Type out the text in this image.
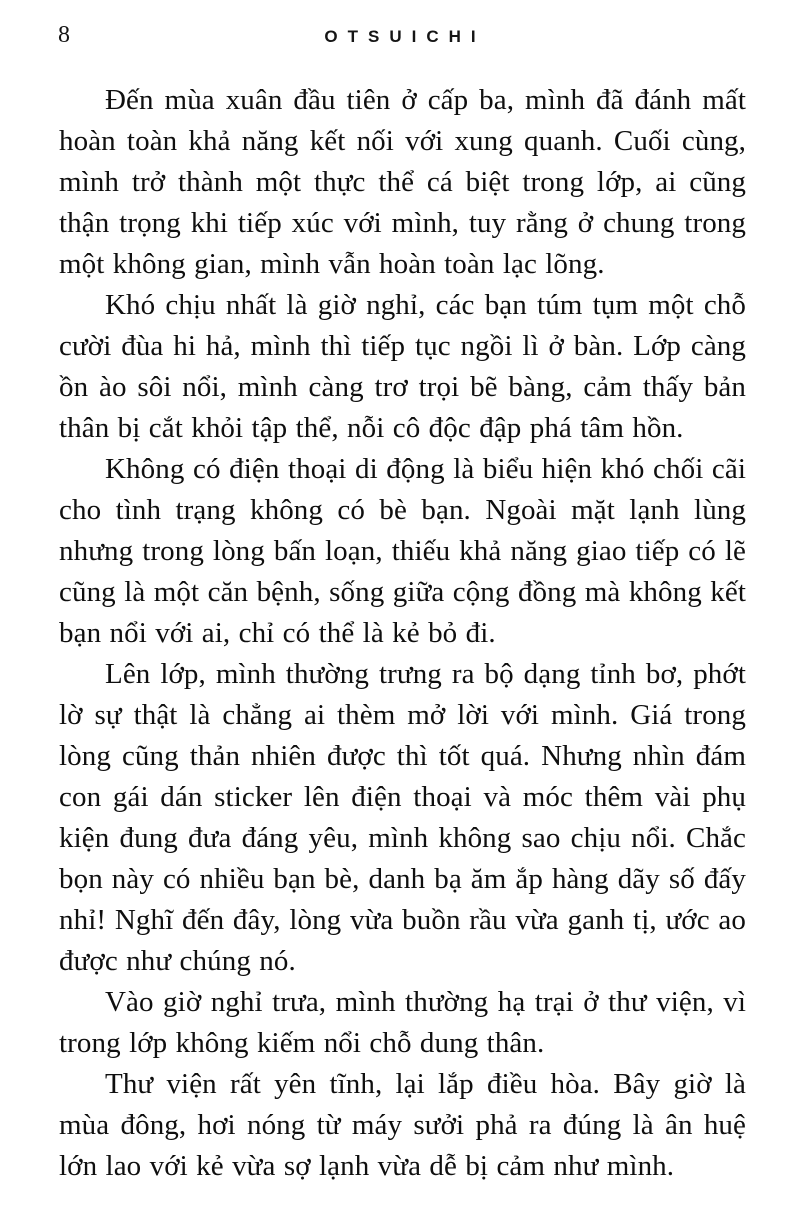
8	OTSUICHI

Đến mùa xuân đầu tiên ở cấp ba, mình đã đánh mất hoàn toàn khả năng kết nối với xung quanh. Cuối cùng, mình trở thành một thực thể cá biệt trong lớp, ai cũng thận trọng khi tiếp xúc với mình, tuy rằng ở chung trong một không gian, mình vẫn hoàn toàn lạc lõng.

Khó chịu nhất là giờ nghỉ, các bạn túm tụm một chỗ cười đùa hi hả, mình thì tiếp tục ngồi lì ở bàn. Lớp càng ồn ào sôi nổi, mình càng trơ trọi bẽ bàng, cảm thấy bản thân bị cắt khỏi tập thể, nỗi cô độc đập phá tâm hồn.

Không có điện thoại di động là biểu hiện khó chối cãi cho tình trạng không có bè bạn. Ngoài mặt lạnh lùng nhưng trong lòng bấn loạn, thiếu khả năng giao tiếp có lẽ cũng là một căn bệnh, sống giữa cộng đồng mà không kết bạn nổi với ai, chỉ có thể là kẻ bỏ đi.

Lên lớp, mình thường trưng ra bộ dạng tỉnh bơ, phớt lờ sự thật là chẳng ai thèm mở lời với mình. Giá trong lòng cũng thản nhiên được thì tốt quá. Nhưng nhìn đám con gái dán sticker lên điện thoại và móc thêm vài phụ kiện đung đưa đáng yêu, mình không sao chịu nổi. Chắc bọn này có nhiều bạn bè, danh bạ ăm ắp hàng dãy số đấy nhỉ! Nghĩ đến đây, lòng vừa buồn rầu vừa ganh tị, ước ao được như chúng nó.

Vào giờ nghỉ trưa, mình thường hạ trại ở thư viện, vì trong lớp không kiếm nổi chỗ dung thân.

Thư viện rất yên tĩnh, lại lắp điều hòa. Bây giờ là mùa đông, hơi nóng từ máy sưởi phả ra đúng là ân huệ lớn lao với kẻ vừa sợ lạnh vừa dễ bị cảm như mình.
